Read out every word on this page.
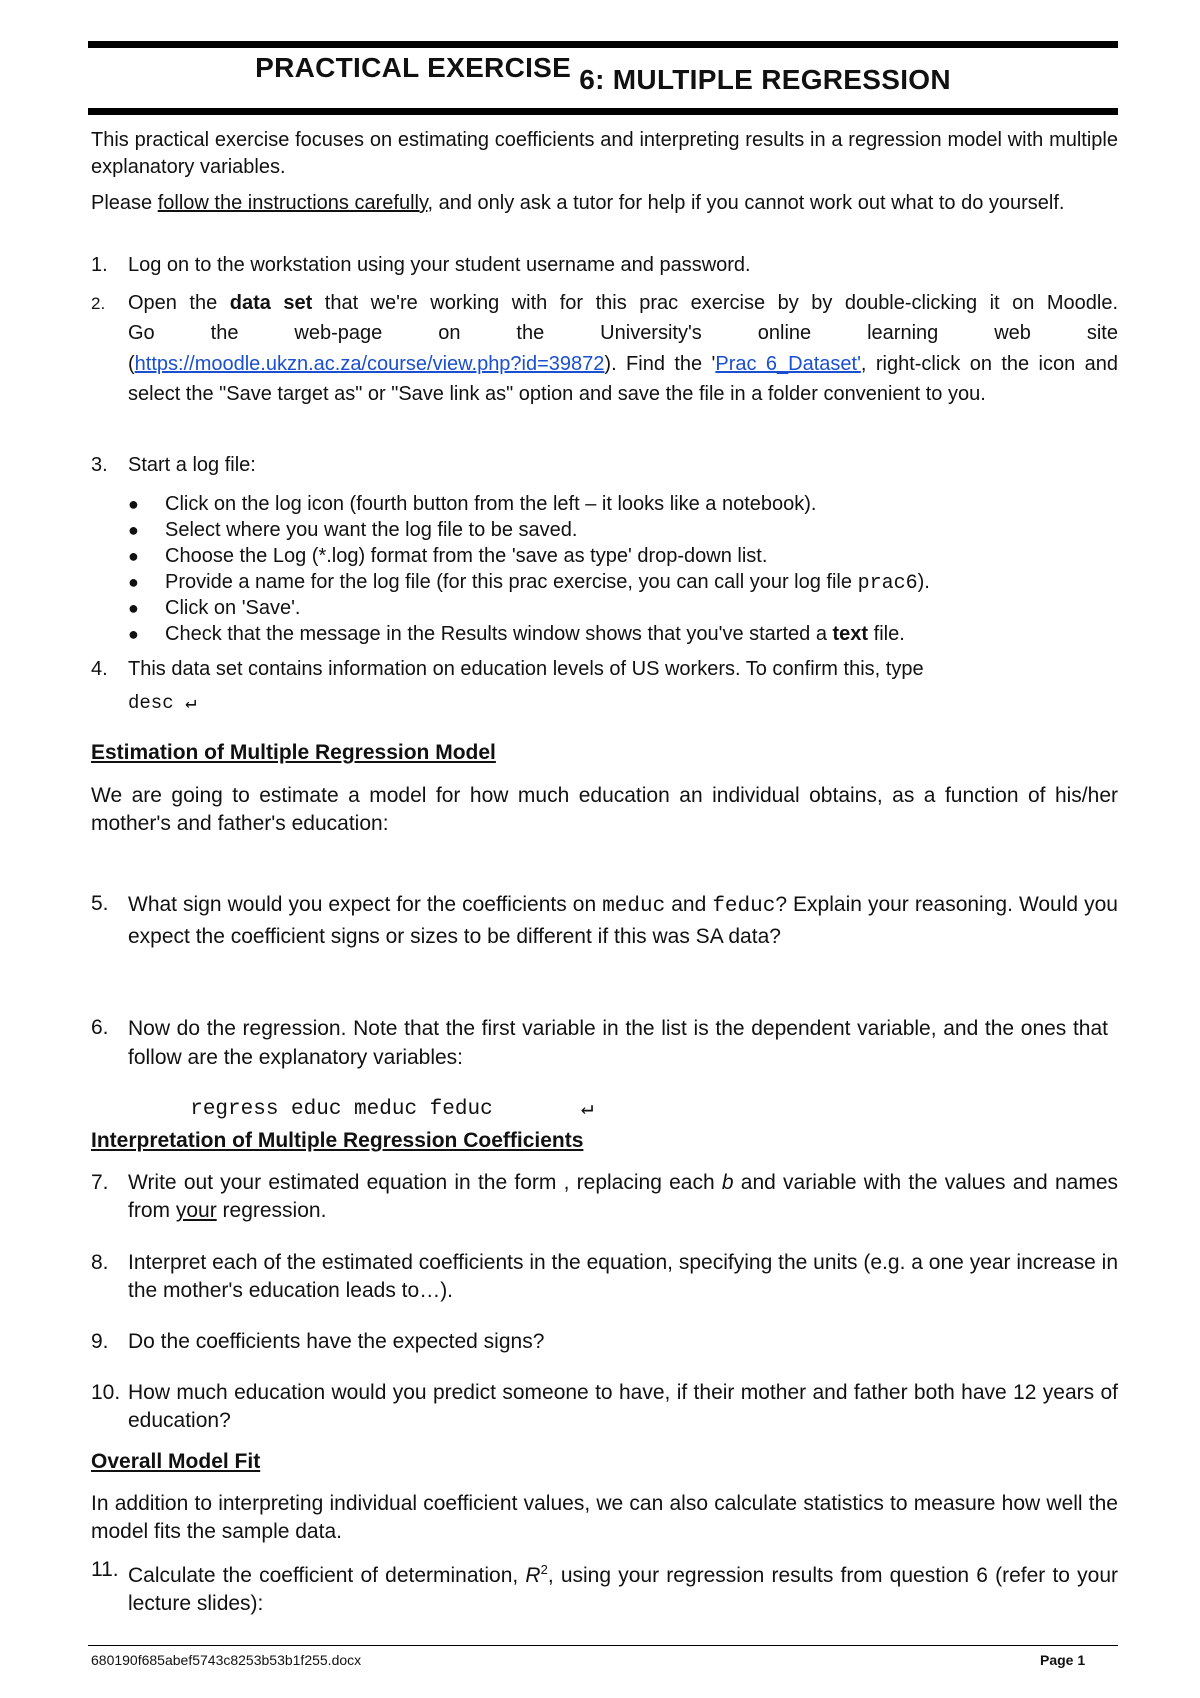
PRACTICAL EXERCISE 6: MULTIPLE REGRESSION
This practical exercise focuses on estimating coefficients and interpreting results in a regression model with multiple explanatory variables.
Please follow the instructions carefully, and only ask a tutor for help if you cannot work out what to do yourself.
1. Log on to the workstation using your student username and password.
2. Open the data set that we're working with for this prac exercise by by double-clicking it on Moodle.
Go the web-page on the University's online learning web site
(https://moodle.ukzn.ac.za/course/view.php?id=39872). Find the 'Prac 6_Dataset', right-click on the icon and select the "Save target as" or "Save link as" option and save the file in a folder convenient to you.
3. Start a log file:
● Click on the log icon (fourth button from the left – it looks like a notebook).
● Select where you want the log file to be saved.
● Choose the Log (*.log) format from the 'save as type' drop-down list.
● Provide a name for the log file (for this prac exercise, you can call your log file prac6).
● Click on 'Save'.
● Check that the message in the Results window shows that you've started a text file.
4. This data set contains information on education levels of US workers. To confirm this, type
desc ↵
Estimation of Multiple Regression Model
We are going to estimate a model for how much education an individual obtains, as a function of his/her mother's and father's education:
5. What sign would you expect for the coefficients on meduc and feduc? Explain your reasoning. Would you expect the coefficient signs or sizes to be different if this was SA data?
6. Now do the regression. Note that the first variable in the list is the dependent variable, and the ones that follow are the explanatory variables:

regress educ meduc feduc	↵

Interpretation of Multiple Regression Coefficients
7. Write out your estimated equation in the form , replacing each b and variable with the values and names from your regression.
8. Interpret each of the estimated coefficients in the equation, specifying the units (e.g. a one year increase in the mother's education leads to…).
9. Do the coefficients have the expected signs?
10. How much education would you predict someone to have, if their mother and father both have 12 years of education?
Overall Model Fit
In addition to interpreting individual coefficient values, we can also calculate statistics to measure how well the model fits the sample data.
11. Calculate the coefficient of determination, $R^2$, using your regression results from question 6 (refer to your lecture slides):
680190f685abef5743c8253b53b1f255.docx	Page 1
